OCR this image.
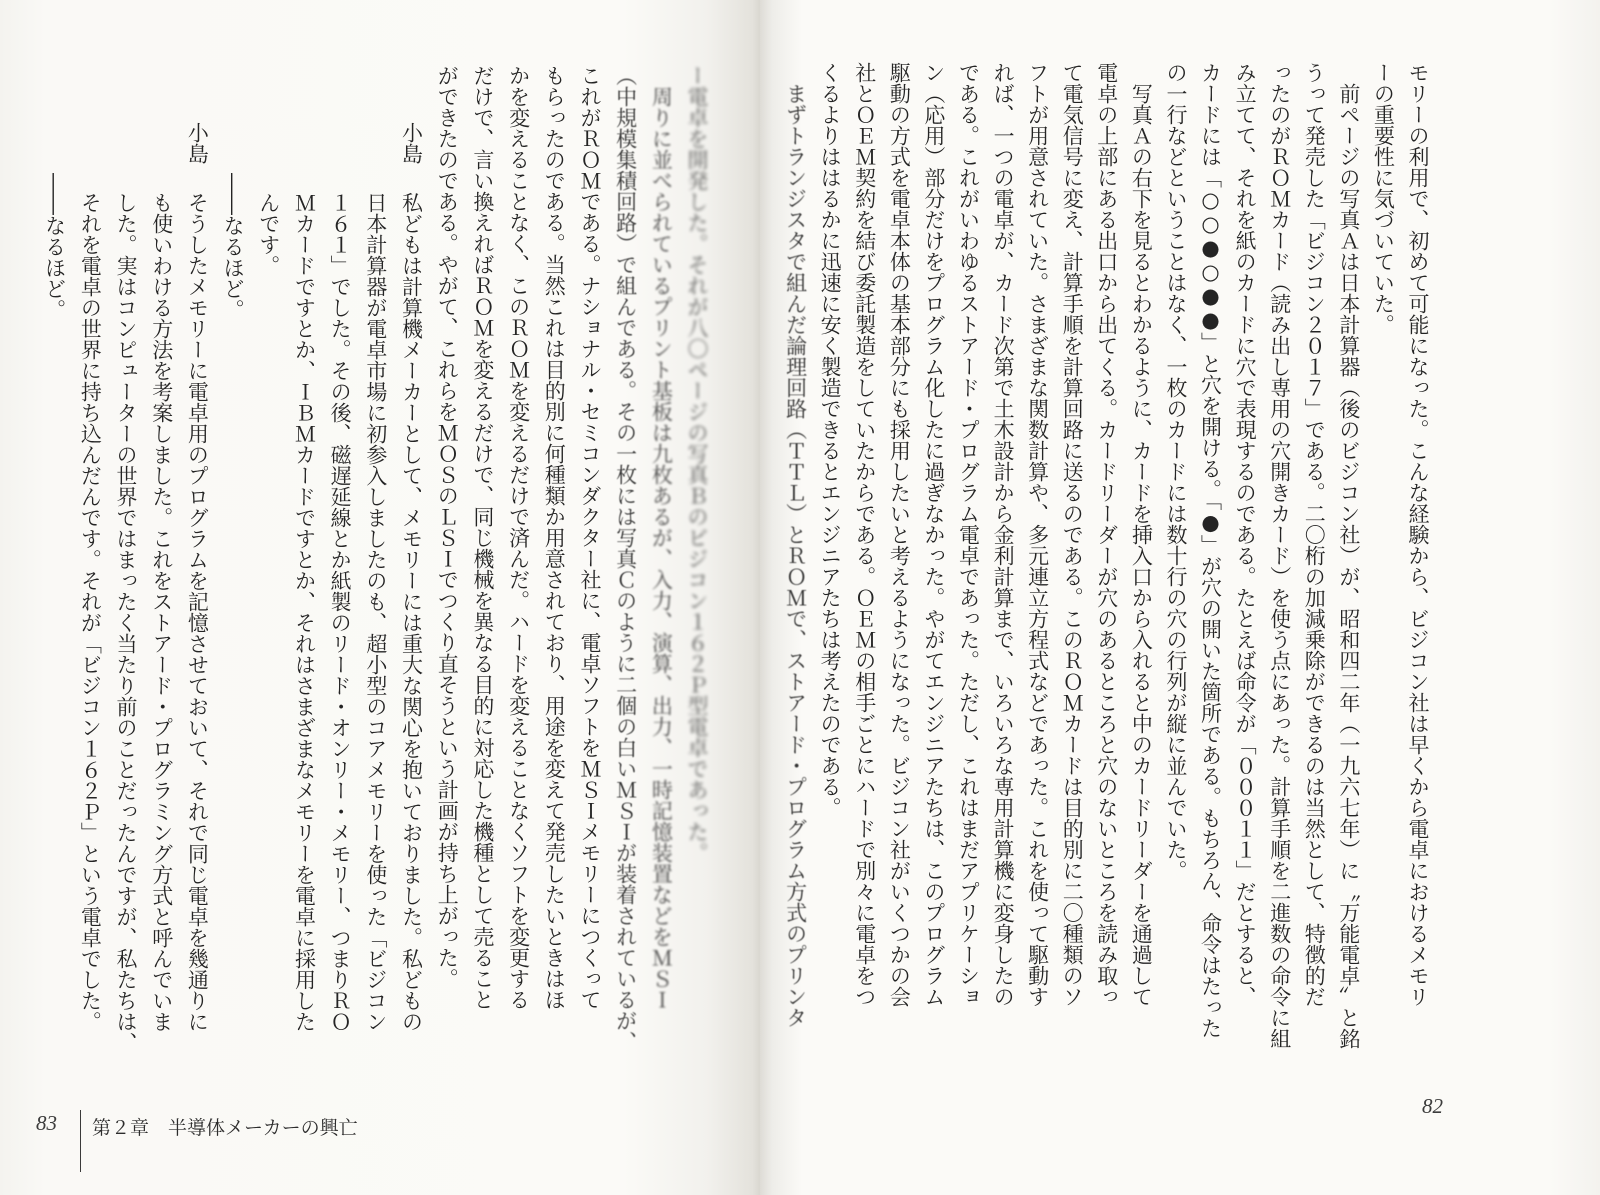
ー電卓を開発した。それが八〇ページの写真Ｂのビジコン１６２Ｐ型電卓であった。
周りに並べられているプリント基板は九枚あるが、入力、演算、出力、一時記憶装置などをＭＳＩ
（中規模集積回路）で組んである。その一枚には写真Ｃのように二個の白いＭＳＩが装着されているが、
これがＲＯＭである。ナショナル・セミコンダクター社に、電卓ソフトをＭＳＩメモリーにつくって
もらったのである。当然これは目的別に何種類か用意されており、用途を変えて発売したいときはほ
かを変えることなく、このＲＯＭを変えるだけで済んだ。ハードを変えることなくソフトを変更する
だけで、言い換えればＲＯＭを変えるだけで、同じ機械を異なる目的に対応した機種として売ること
ができたのである。やがて、これらをＭＯＳのＬＳＩでつくり直そうという計画が持ち上がった。
小島私どもは計算機メーカーとして、メモリーには重大な関心を抱いておりました。私どもの
日本計算器が電卓市場に初参入しましたのも、超小型のコアメモリーを使った「ビジコン
１６１」でした。その後、磁遅延線とか紙製のリード・オンリー・メモリー、つまりＲＯ
Ｍカードですとか、ＩＢＭカードですとか、それはさまざまなメモリーを電卓に採用した
んです。
――なるほど。
小島そうしたメモリーに電卓用のプログラムを記憶させておいて、それで同じ電卓を幾通りに
も使いわける方法を考案しました。これをストアード・プログラミング方式と呼んでいま
した。実はコンピューターの世界ではまったく当たり前のことだったんですが、私たちは、
それを電卓の世界に持ち込んだんです。それが「ビジコン１６２Ｐ」という電卓でした。
――なるほど。
83 第２章　半導体メーカーの興亡
モリーの利用で、初めて可能になった。こんな経験から、ビジコン社は早くから電卓におけるメモリ
ーの重要性に気づいていた。
前ページの写真Ａは日本計算器（後のビジコン社）が、昭和四二年（一九六七年）に〝万能電卓〟と銘
うって発売した「ビジコン２０１７」である。二〇桁の加減乗除ができるのは当然として、特徴的だ
ったのがＲＯＭカード（読み出し専用の穴開きカード）を使う点にあった。計算手順を二進数の命令に組
み立てて、それを紙のカードに穴で表現するのである。たとえば命令が「０００１１」だとすると、
カードには「○○●○●●」と穴を開ける。「●」が穴の開いた箇所である。もちろん、命令はたった
の一行などということはなく、一枚のカードには数十行の穴の行列が縦に並んでいた。
写真Ａの右下を見るとわかるように、カードを挿入口から入れると中のカードリーダーを通過して
電卓の上部にある出口から出てくる。カードリーダーが穴のあるところと穴のないところを読み取っ
て電気信号に変え、計算手順を計算回路に送るのである。このＲＯＭカードは目的別に二〇種類のソ
フトが用意されていた。さまざまな関数計算や、多元連立方程式などであった。これを使って駆動す
れば、一つの電卓が、カード次第で土木設計から金利計算まで、いろいろな専用計算機に変身したの
である。これがいわゆるストアード・プログラム電卓であった。ただし、これはまだアプリケーショ
ン（応用）部分だけをプログラム化したに過ぎなかった。やがてエンジニアたちは、このプログラム
駆動の方式を電卓本体の基本部分にも採用したいと考えるようになった。ビジコン社がいくつかの会
社とＯＥＭ契約を結び委託製造をしていたからである。ＯＥＭの相手ごとにハードで別々に電卓をつ
くるよりははるかに迅速に安く製造できるとエンジニアたちは考えたのである。
まずトランジスタで組んだ論理回路（ＴＴＬ）とＲＯＭで、ストアード・プログラム方式のプリンタ
82
